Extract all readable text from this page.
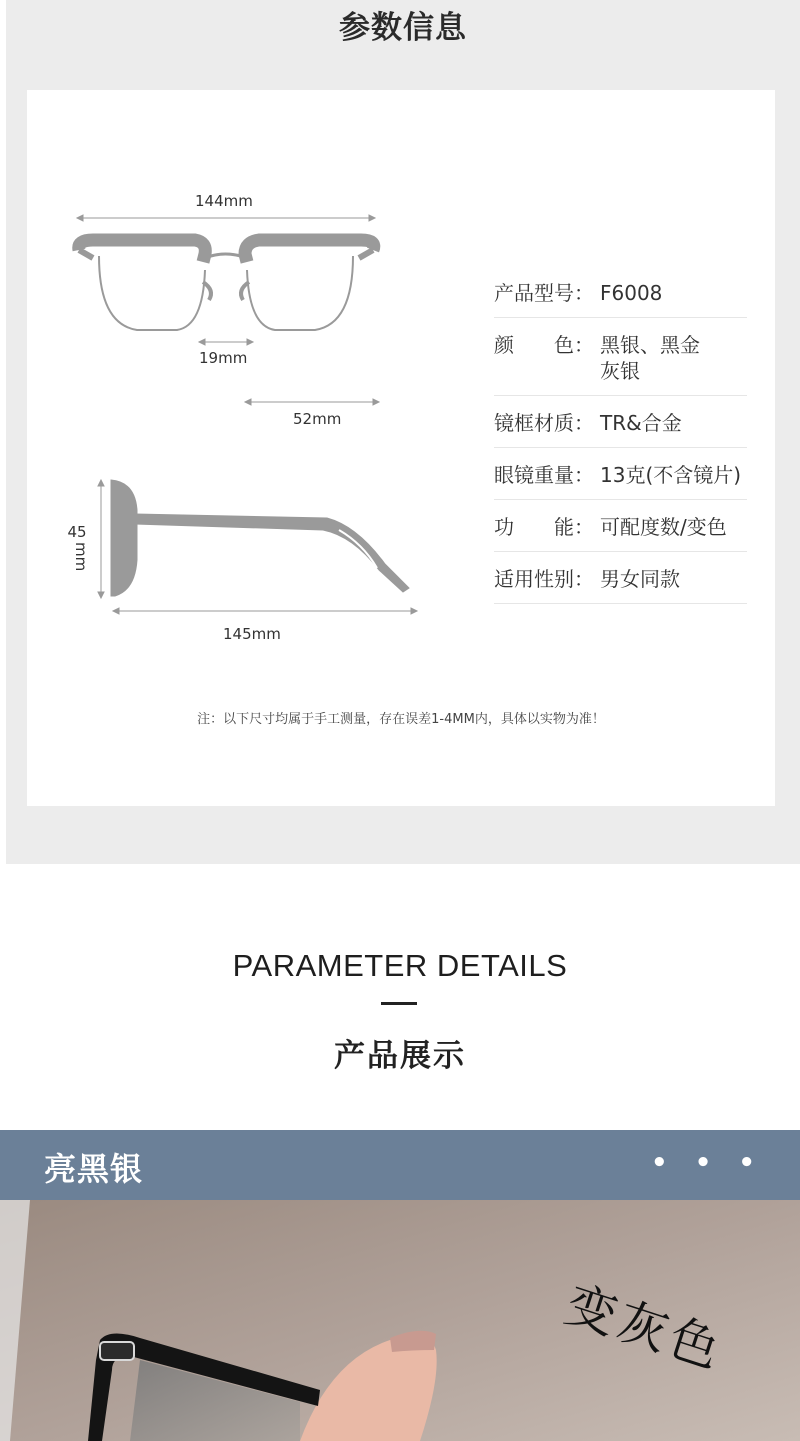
参数信息
144mm
19mm
52mm
45
mm
145mm
产品型号： F6008
颜 色： 黑银、黑金
灰银
镜框材质： TR&合金
眼镜重量： 13克(不含镜片)
功 能： 可配度数/变色
适用性别： 男女同款
注：以下尺寸均属于手工测量，存在误差1-4MM内，具体以实物为准！
PARAMETER DETAILS
产品展示
亮黑银	• • •
变灰色
